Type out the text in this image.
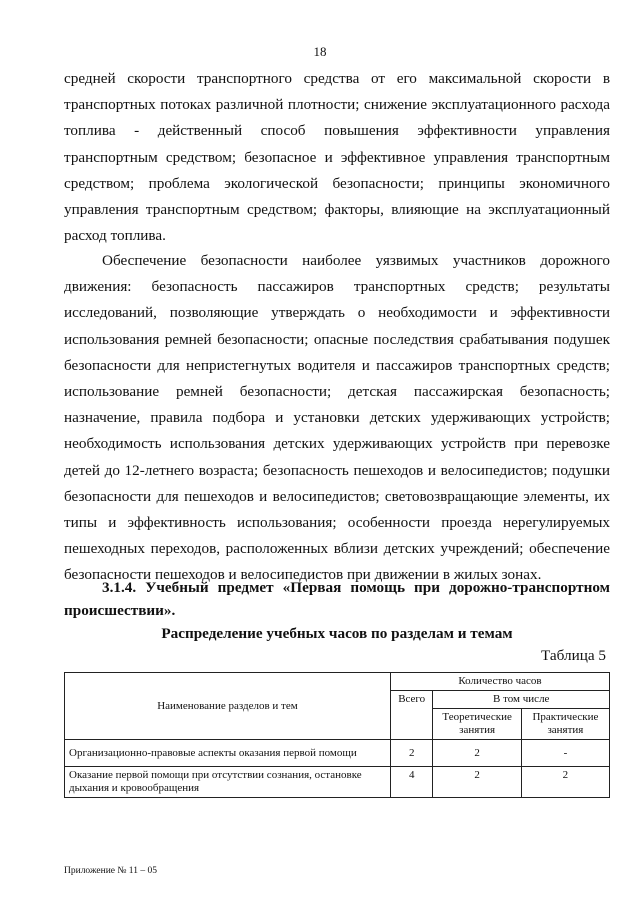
18
средней скорости транспортного средства от его максимальной скорости в
транспортных потоках различной плотности; снижение эксплуатационного расхода
топлива - действенный способ повышения эффективности управления
транспортным средством; безопасное и эффективное управления транспортным
средством; проблема экологической безопасности; принципы экономичного
управления транспортным средством; факторы, влияющие на эксплуатационный
расход топлива.
Обеспечение безопасности наиболее уязвимых участников дорожного
движения: безопасность пассажиров транспортных средств; результаты
исследований, позволяющие утверждать о необходимости и эффективности
использования ремней безопасности; опасные последствия срабатывания подушек
безопасности для непристегнутых водителя и пассажиров транспортных средств;
использование ремней безопасности; детская пассажирская безопасность;
назначение, правила подбора и установки детских удерживающих устройств;
необходимость использования детских удерживающих устройств при перевозке
детей до 12-летнего возраста; безопасность пешеходов и велосипедистов; подушки
безопасности для пешеходов и велосипедистов; световозвращающие элементы, их
типы и эффективность использования; особенности проезда нерегулируемых
пешеходных переходов, расположенных вблизи детских учреждений; обеспечение
безопасности пешеходов и велосипедистов при движении в жилых зонах.
3.1.4. Учебный предмет «Первая помощь при дорожно-транспортном
происшествии».
Распределение учебных часов по разделам и темам
Таблица 5
Наименование разделов и тем	Количество часов		
	Всего	В том числе	
		Теоретические занятия	Практические занятия
Организационно-правовые аспекты оказания первой помощи	2	2	-
Оказание первой помощи при отсутствии сознания, остановке дыхания и кровообращения	4	2	2
Приложение № 11 – 05
